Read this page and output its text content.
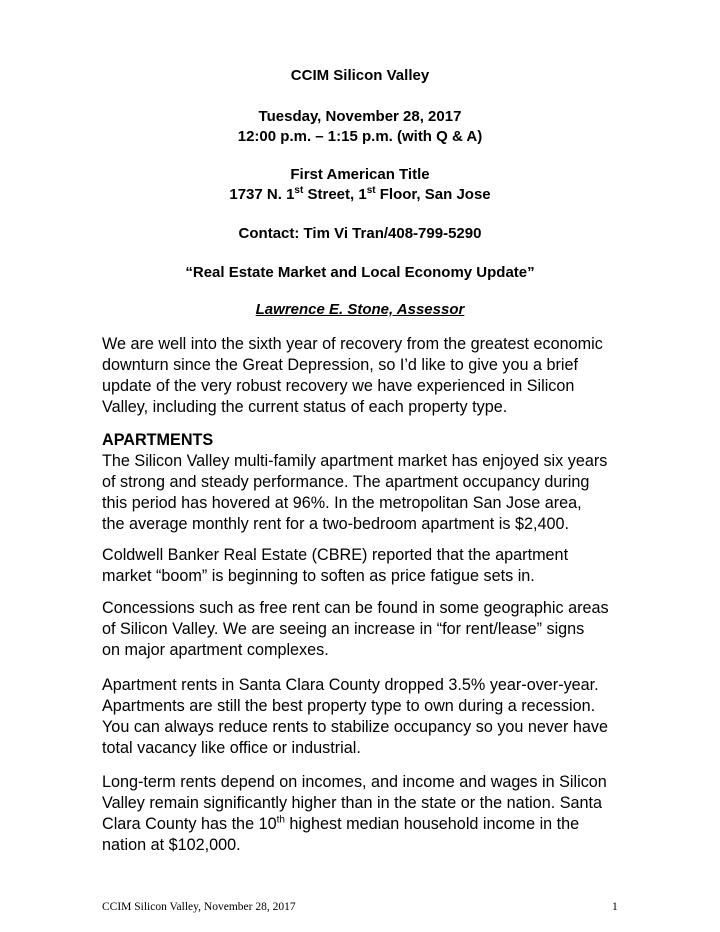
CCIM Silicon Valley
Tuesday, November 28, 2017
12:00 p.m. – 1:15 p.m. (with Q & A)
First American Title
1737 N. 1st Street, 1st Floor, San Jose
Contact: Tim Vi Tran/408-799-5290
“Real Estate Market and Local Economy Update”
Lawrence E. Stone, Assessor
We are well into the sixth year of recovery from the greatest economic
downturn since the Great Depression, so I’d like to give you a brief
update of the very robust recovery we have experienced in Silicon
Valley, including the current status of each property type.
APARTMENTS
The Silicon Valley multi-family apartment market has enjoyed six years
of strong and steady performance. The apartment occupancy during
this period has hovered at 96%. In the metropolitan San Jose area,
the average monthly rent for a two-bedroom apartment is $2,400.
Coldwell Banker Real Estate (CBRE) reported that the apartment
market “boom” is beginning to soften as price fatigue sets in.
Concessions such as free rent can be found in some geographic areas
of Silicon Valley. We are seeing an increase in “for rent/lease” signs
on major apartment complexes.
Apartment rents in Santa Clara County dropped 3.5% year-over-year.
Apartments are still the best property type to own during a recession.
You can always reduce rents to stabilize occupancy so you never have
total vacancy like office or industrial.
Long-term rents depend on incomes, and income and wages in Silicon
Valley remain significantly higher than in the state or the nation. Santa
Clara County has the 10th highest median household income in the
nation at $102,000.
CCIM Silicon Valley, November 28, 2017	1
